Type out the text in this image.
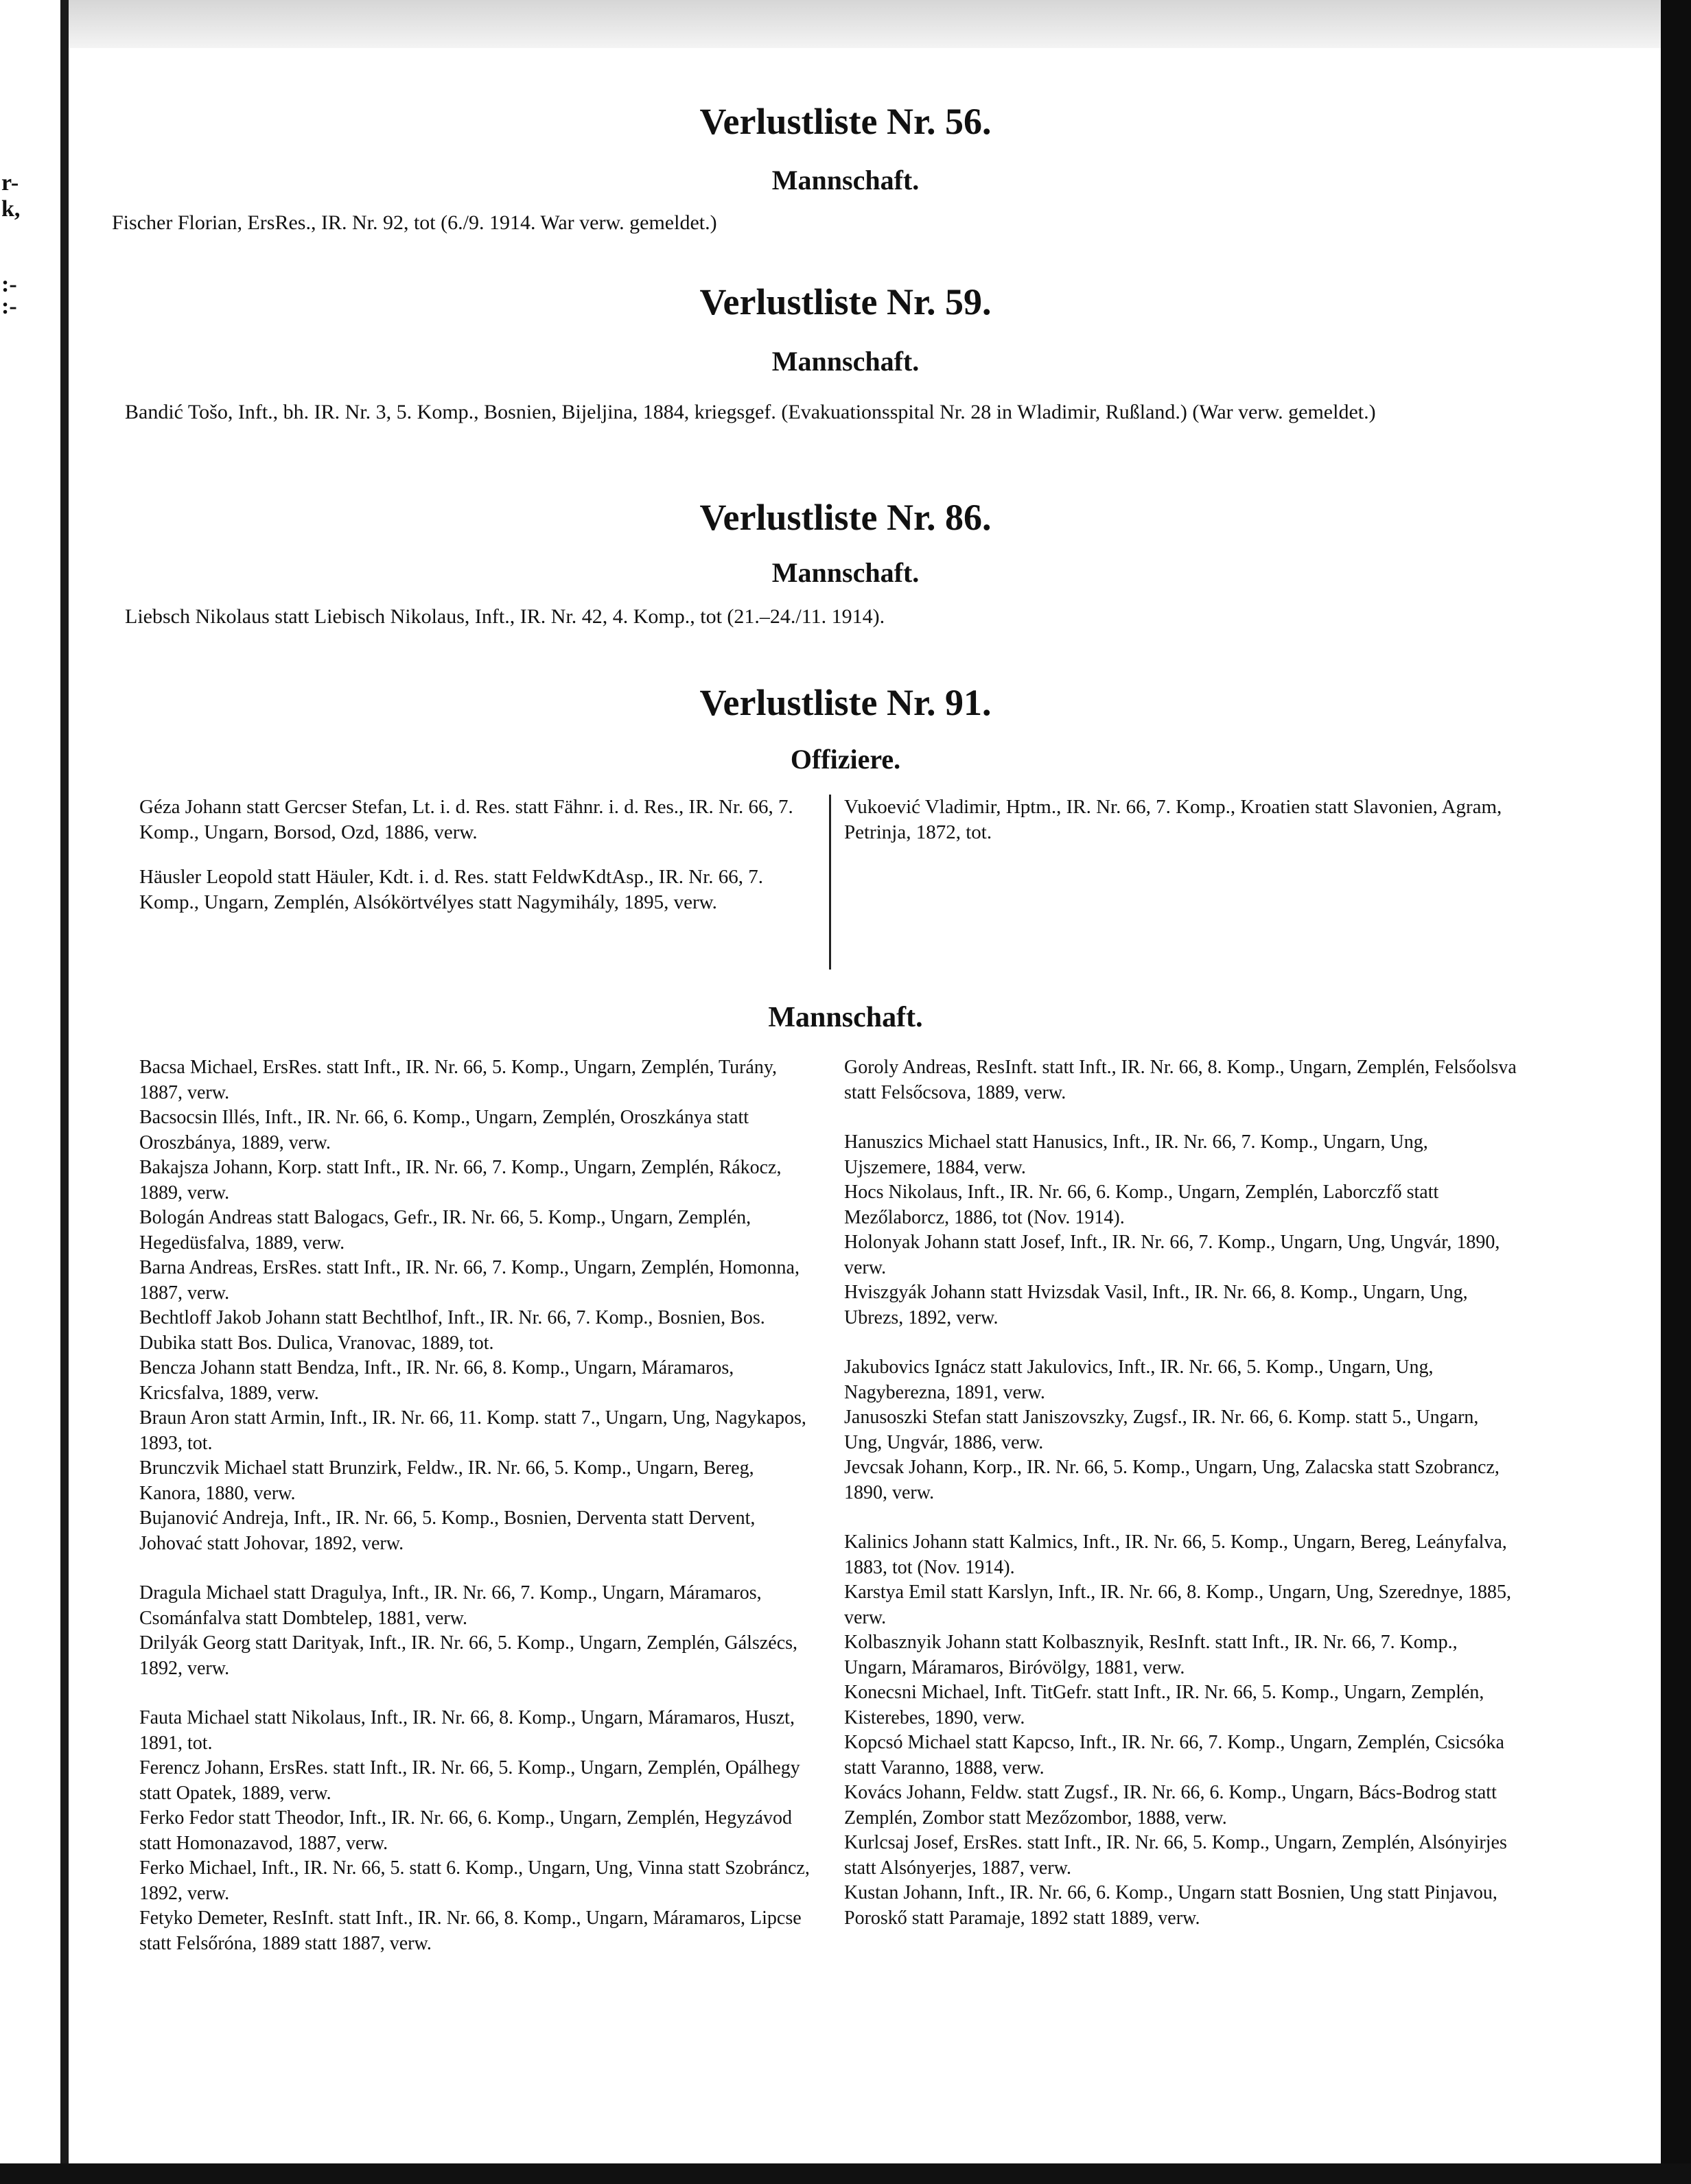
r-
k,
:-
:-
Verlustliste Nr. 56.
Mannschaft.
Fischer Florian, ErsRes., IR. Nr. 92, tot (6./9. 1914. War verw. gemeldet.)
Verlustliste Nr. 59.
Mannschaft.
Bandić Tošo, Inft., bh. IR. Nr. 3, 5. Komp., Bosnien, Bijeljina, 1884, kriegsgef. (Evakuationsspital Nr. 28 in Wladimir, Rußland.) (War verw. gemeldet.)
Verlustliste Nr. 86.
Mannschaft.
Liebsch Nikolaus statt Liebisch Nikolaus, Inft., IR. Nr. 42, 4. Komp., tot (21.–24./11. 1914).
Verlustliste Nr. 91.
Offiziere.

Géza Johann statt Gercser Stefan, Lt. i. d. Res. statt Fähnr. i. d. Res., IR. Nr. 66, 7. Komp., Ungarn, Borsod, Ozd, 1886, verw.

Häusler Leopold statt Häuler, Kdt. i. d. Res. statt FeldwKdtAsp., IR. Nr. 66, 7. Komp., Ungarn, Zemplén, Alsókörtvélyes statt Nagymihály, 1895, verw.

Vukoević Vladimir, Hptm., IR. Nr. 66, 7. Komp., Kroatien statt Slavonien, Agram, Petrinja, 1872, tot.

Mannschaft.

Bacsa Michael, ErsRes. statt Inft., IR. Nr. 66, 5. Komp., Ungarn, Zemplén, Turány, 1887, verw.

Bacsocsin Illés, Inft., IR. Nr. 66, 6. Komp., Ungarn, Zemplén, Oroszkánya statt Oroszbánya, 1889, verw.

Bakajsza Johann, Korp. statt Inft., IR. Nr. 66, 7. Komp., Ungarn, Zemplén, Rákocz, 1889, verw.

Bologán Andreas statt Balogacs, Gefr., IR. Nr. 66, 5. Komp., Ungarn, Zemplén, Hegedüsfalva, 1889, verw.

Barna Andreas, ErsRes. statt Inft., IR. Nr. 66, 7. Komp., Ungarn, Zemplén, Homonna, 1887, verw.

Bechtloff Jakob Johann statt Bechtlhof, Inft., IR. Nr. 66, 7. Komp., Bosnien, Bos. Dubika statt Bos. Dulica, Vranovac, 1889, tot.

Bencza Johann statt Bendza, Inft., IR. Nr. 66, 8. Komp., Ungarn, Máramaros, Kricsfalva, 1889, verw.

Braun Aron statt Armin, Inft., IR. Nr. 66, 11. Komp. statt 7., Ungarn, Ung, Nagykapos, 1893, tot.

Brunczvik Michael statt Brunzirk, Feldw., IR. Nr. 66, 5. Komp., Ungarn, Bereg, Kanora, 1880, verw.

Bujanović Andreja, Inft., IR. Nr. 66, 5. Komp., Bosnien, Derventa statt Dervent, Johovać statt Johovar, 1892, verw.

Dragula Michael statt Dragulya, Inft., IR. Nr. 66, 7. Komp., Ungarn, Máramaros, Csománfalva statt Dombtelep, 1881, verw.

Drilyák Georg statt Darityak, Inft., IR. Nr. 66, 5. Komp., Ungarn, Zemplén, Gálszécs, 1892, verw.

Fauta Michael statt Nikolaus, Inft., IR. Nr. 66, 8. Komp., Ungarn, Máramaros, Huszt, 1891, tot.

Ferencz Johann, ErsRes. statt Inft., IR. Nr. 66, 5. Komp., Ungarn, Zemplén, Opálhegy statt Opatek, 1889, verw.

Ferko Fedor statt Theodor, Inft., IR. Nr. 66, 6. Komp., Ungarn, Zemplén, Hegyzávod statt Homonazavod, 1887, verw.

Ferko Michael, Inft., IR. Nr. 66, 5. statt 6. Komp., Ungarn, Ung, Vinna statt Szobráncz, 1892, verw.

Fetyko Demeter, ResInft. statt Inft., IR. Nr. 66, 8. Komp., Ungarn, Máramaros, Lipcse statt Felsőróna, 1889 statt 1887, verw.

Goroly Andreas, ResInft. statt Inft., IR. Nr. 66, 8. Komp., Ungarn, Zemplén, Felsőolsva statt Felsőcsova, 1889, verw.

Hanuszics Michael statt Hanusics, Inft., IR. Nr. 66, 7. Komp., Ungarn, Ung, Ujszemere, 1884, verw.

Hocs Nikolaus, Inft., IR. Nr. 66, 6. Komp., Ungarn, Zemplén, Laborczfő statt Mezőlaborcz, 1886, tot (Nov. 1914).

Holonyak Johann statt Josef, Inft., IR. Nr. 66, 7. Komp., Ungarn, Ung, Ungvár, 1890, verw.

Hviszgyák Johann statt Hvizsdak Vasil, Inft., IR. Nr. 66, 8. Komp., Ungarn, Ung, Ubrezs, 1892, verw.

Jakubovics Ignácz statt Jakulovics, Inft., IR. Nr. 66, 5. Komp., Ungarn, Ung, Nagyberezna, 1891, verw.

Janusoszki Stefan statt Janiszovszky, Zugsf., IR. Nr. 66, 6. Komp. statt 5., Ungarn, Ung, Ungvár, 1886, verw.

Jevcsak Johann, Korp., IR. Nr. 66, 5. Komp., Ungarn, Ung, Zalacska statt Szobrancz, 1890, verw.

Kalinics Johann statt Kalmics, Inft., IR. Nr. 66, 5. Komp., Ungarn, Bereg, Leányfalva, 1883, tot (Nov. 1914).

Karstya Emil statt Karslyn, Inft., IR. Nr. 66, 8. Komp., Ungarn, Ung, Szerednye, 1885, verw.

Kolbasznyik Johann statt Kolbasznyik, ResInft. statt Inft., IR. Nr. 66, 7. Komp., Ungarn, Máramaros, Biróvölgy, 1881, verw.

Konecsni Michael, Inft. TitGefr. statt Inft., IR. Nr. 66, 5. Komp., Ungarn, Zemplén, Kisterebes, 1890, verw.

Kopcsó Michael statt Kapcso, Inft., IR. Nr. 66, 7. Komp., Ungarn, Zemplén, Csicsóka statt Varanno, 1888, verw.

Kovács Johann, Feldw. statt Zugsf., IR. Nr. 66, 6. Komp., Ungarn, Bács-Bodrog statt Zemplén, Zombor statt Mezőzombor, 1888, verw.

Kurlcsaj Josef, ErsRes. statt Inft., IR. Nr. 66, 5. Komp., Ungarn, Zemplén, Alsónyirjes statt Alsónyerjes, 1887, verw.

Kustan Johann, Inft., IR. Nr. 66, 6. Komp., Ungarn statt Bosnien, Ung statt Pinjavou, Poroskő statt Paramaje, 1892 statt 1889, verw.
